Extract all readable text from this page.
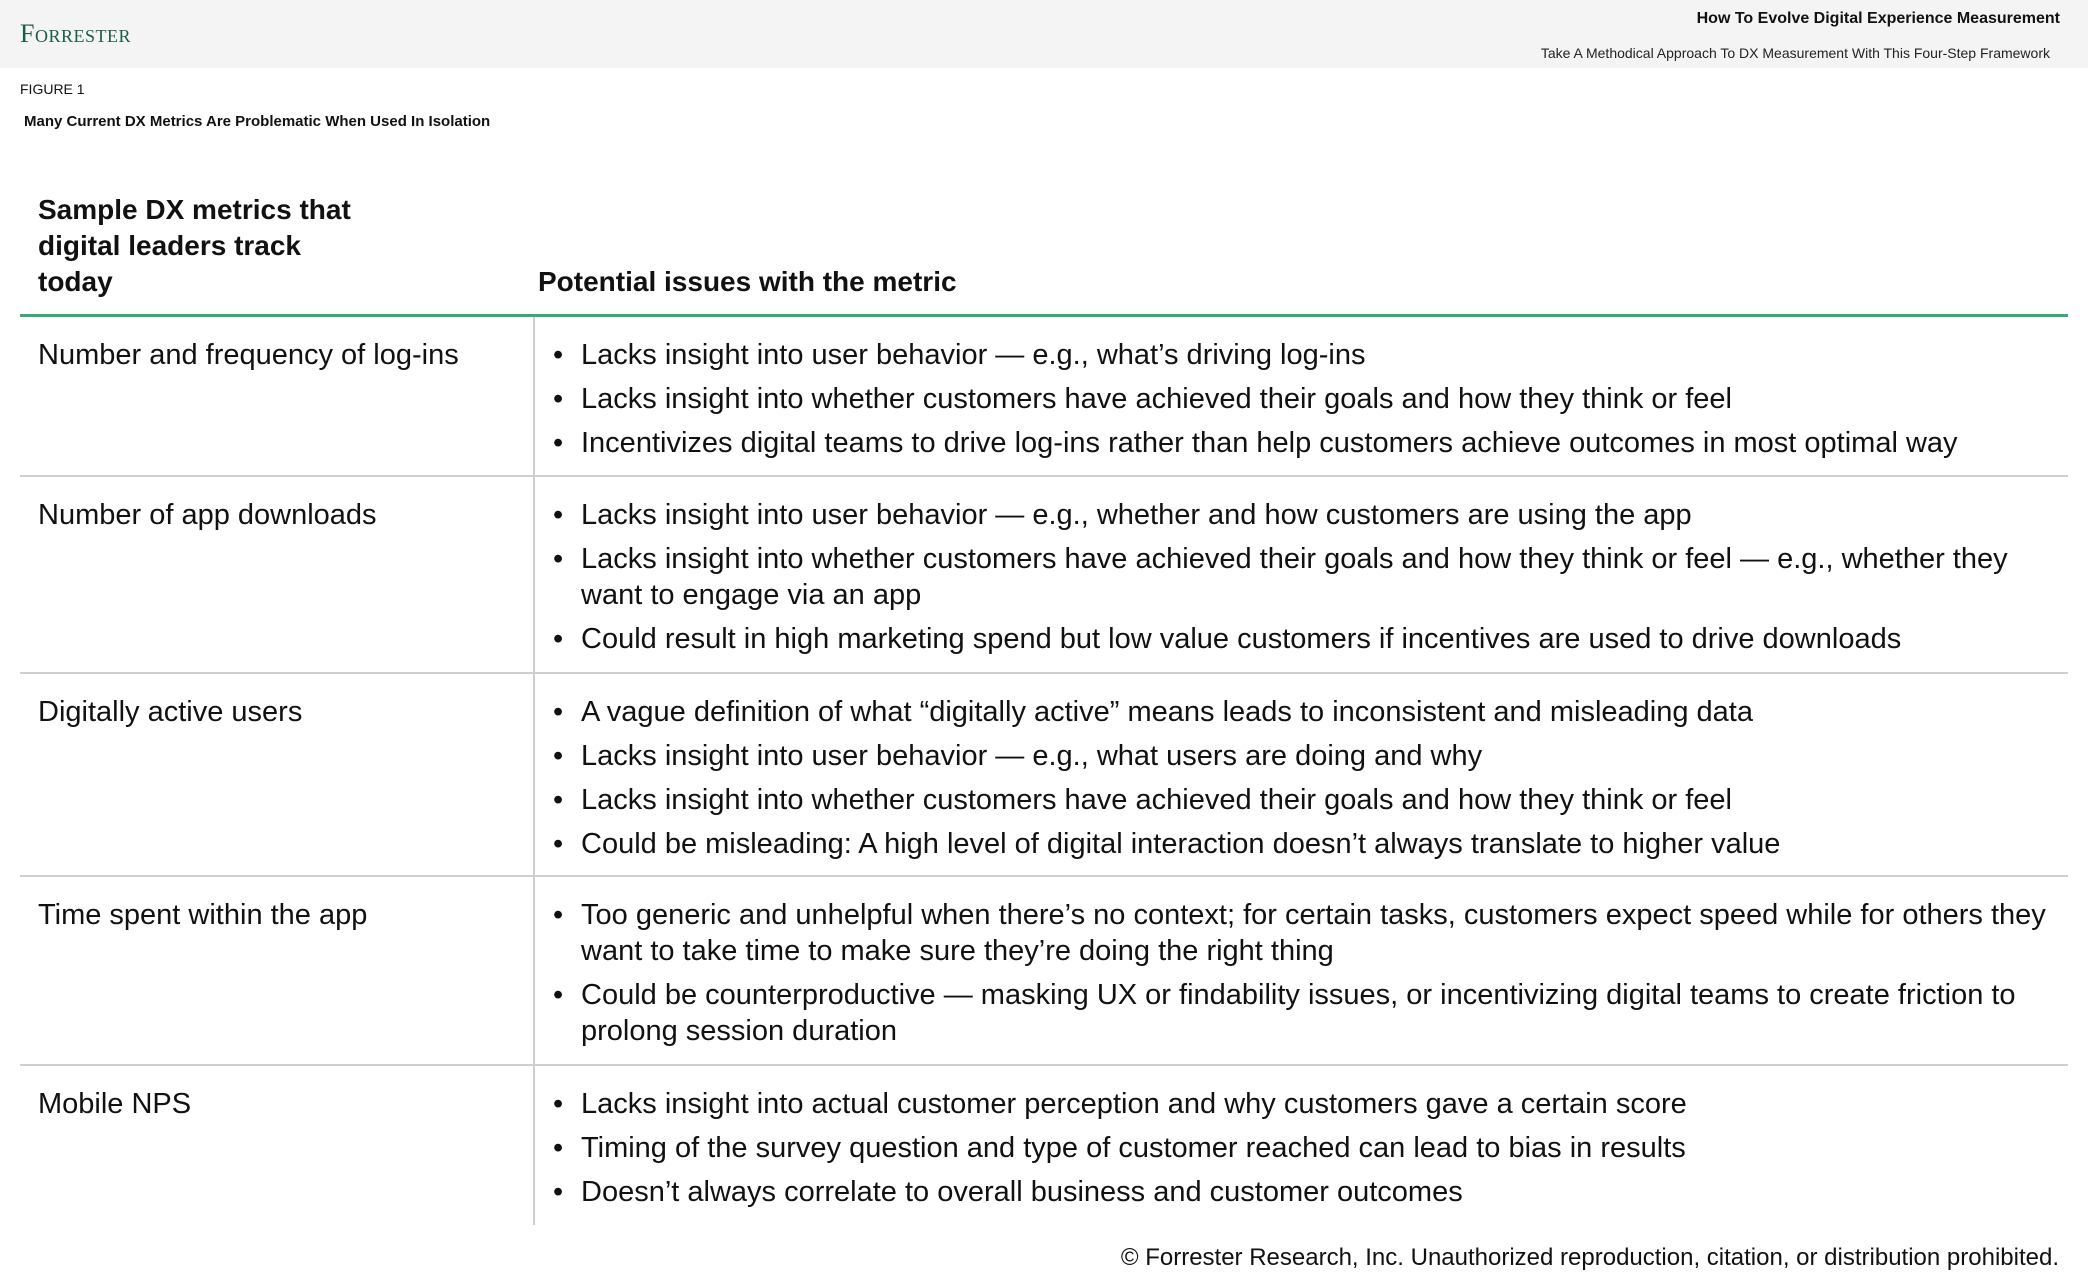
Forrester
How To Evolve Digital Experience Measurement
Take A Methodical Approach To DX Measurement With This Four-Step Framework
FIGURE 1
Many Current DX Metrics Are Problematic When Used In Isolation
Sample DX metrics that digital leaders track today	Potential issues with the metric
Number and frequency of log-ins	• Lacks insight into user behavior — e.g., what’s driving log-ins
• Lacks insight into whether customers have achieved their goals and how they think or feel
• Incentivizes digital teams to drive log-ins rather than help customers achieve outcomes in most optimal way
Number of app downloads	• Lacks insight into user behavior — e.g., whether and how customers are using the app
• Lacks insight into whether customers have achieved their goals and how they think or feel — e.g., whether they want to engage via an app
• Could result in high marketing spend but low value customers if incentives are used to drive downloads
Digitally active users	• A vague definition of what “digitally active” means leads to inconsistent and misleading data
• Lacks insight into user behavior — e.g., what users are doing and why
• Lacks insight into whether customers have achieved their goals and how they think or feel
• Could be misleading: A high level of digital interaction doesn’t always translate to higher value
Time spent within the app	• Too generic and unhelpful when there’s no context; for certain tasks, customers expect speed while for others they want to take time to make sure they’re doing the right thing
• Could be counterproductive — masking UX or findability issues, or incentivizing digital teams to create friction to prolong session duration
Mobile NPS	• Lacks insight into actual customer perception and why customers gave a certain score
• Timing of the survey question and type of customer reached can lead to bias in results
• Doesn’t always correlate to overall business and customer outcomes
© Forrester Research, Inc. Unauthorized reproduction, citation, or distribution prohibited.
